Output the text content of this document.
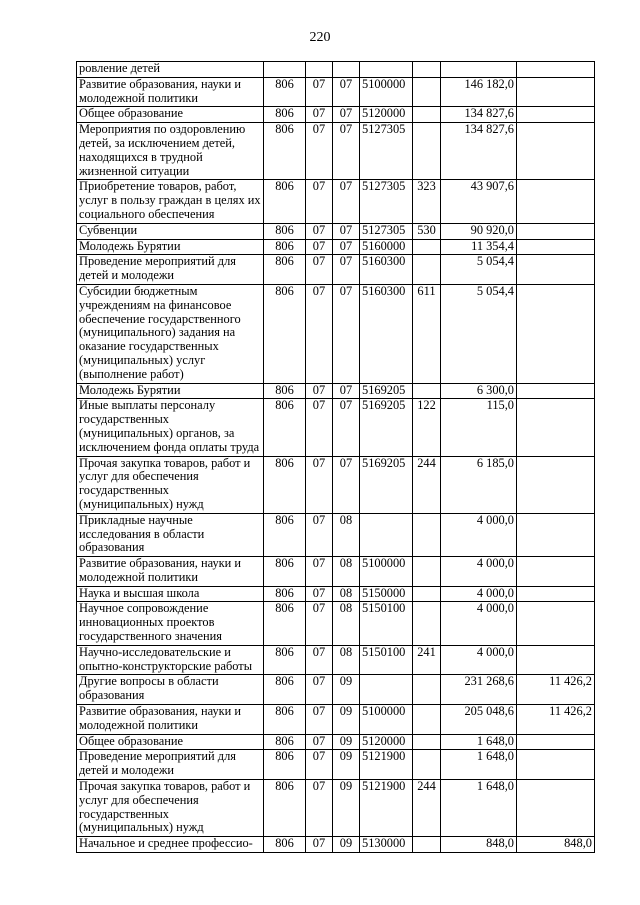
220
ровление детей							
Развитие образования, науки и молодежной политики	806	07	07	5100000		146 182,0	
Общее образование	806	07	07	5120000		134 827,6	
Мероприятия по оздоровлению детей, за исключением детей, находящихся в трудной жизненной ситуации	806	07	07	5127305		134 827,6	
Приобретение товаров, работ, услуг в пользу граждан в целях их социального обеспечения	806	07	07	5127305	323	43 907,6	
Субвенции	806	07	07	5127305	530	90 920,0	
Молодежь Бурятии	806	07	07	5160000		11 354,4	
Проведение мероприятий для детей и молодежи	806	07	07	5160300		5 054,4	
Субсидии бюджетным учреждениям на финансовое обеспечение государственного (муниципального) задания на оказание государственных (муниципальных) услуг (выполнение работ)	806	07	07	5160300	611	5 054,4	
Молодежь Бурятии	806	07	07	5169205		6 300,0	
Иные выплаты персоналу государственных (муниципальных) органов, за исключением фонда оплаты труда	806	07	07	5169205	122	115,0	
Прочая закупка товаров, работ и услуг для обеспечения государственных (муниципальных) нужд	806	07	07	5169205	244	6 185,0	
Прикладные научные исследования в области образования	806	07	08			4 000,0	
Развитие образования, науки и молодежной политики	806	07	08	5100000		4 000,0	
Наука и высшая школа	806	07	08	5150000		4 000,0	
Научное сопровождение инновационных проектов государственного значения	806	07	08	5150100		4 000,0	
Научно-исследовательские и опытно-конструкторские работы	806	07	08	5150100	241	4 000,0	
Другие вопросы в области образования	806	07	09			231 268,6	11 426,2
Развитие образования, науки и молодежной политики	806	07	09	5100000		205 048,6	11 426,2
Общее образование	806	07	09	5120000		1 648,0	
Проведение мероприятий для детей и молодежи	806	07	09	5121900		1 648,0	
Прочая закупка товаров, работ и услуг для обеспечения государственных (муниципальных) нужд	806	07	09	5121900	244	1 648,0	
Начальное и среднее профессио-	806	07	09	5130000		848,0	848,0
